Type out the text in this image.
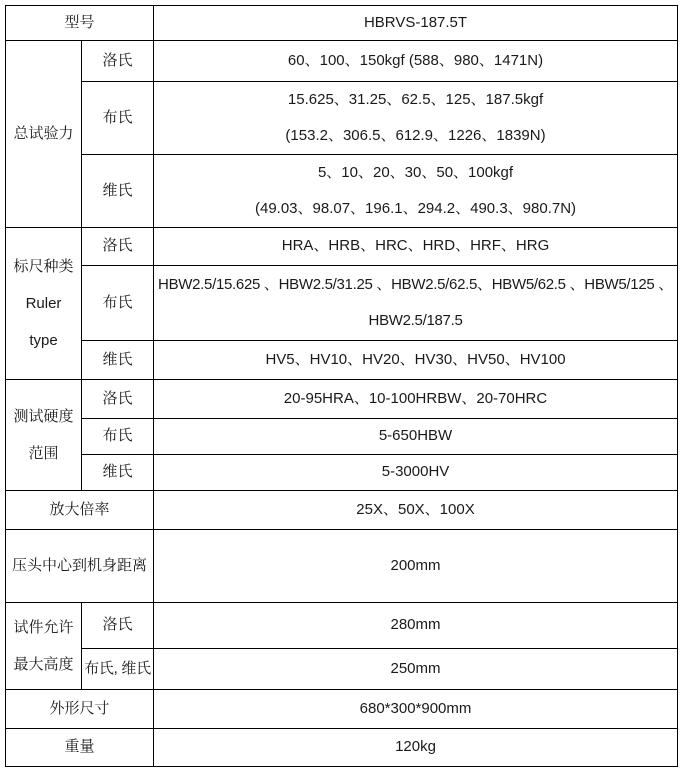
型号		HBRVS-187.5T
总试验力	洛氏	60、100、150kgf (588、980、1471N)
	布氏	15.625、31.25、62.5、125、187.5kgf
(153.2、306.5、612.9、1226、1839N)

	维氏	5、10、20、30、50、100kgf
(49.03、98.07、196.1、294.2、490.3、980.7N)

标尺种类
Ruler
type	洛氏	HRA、HRB、HRC、HRD、HRF、HRG
	布氏	HBW2.5/15.625 、HBW2.5/31.25 、HBW2.5/62.5、HBW5/62.5 、HBW5/125 、
HBW2.5/187.5

	维氏	HV5、HV10、HV20、HV30、HV50、HV100

测试硬度
范围	洛氏	20-95HRA、10-100HRBW、20-70HRC
	布氏	5-650HBW
	维氏	5-3000HV
放大倍率		25X、50X、100X
压头中心到机身距离		200mm

试件允许
最大高度	洛氏	280mm
	布氏, 维氏	250mm
外形尺寸		680*300*900mm
重量		120kg
